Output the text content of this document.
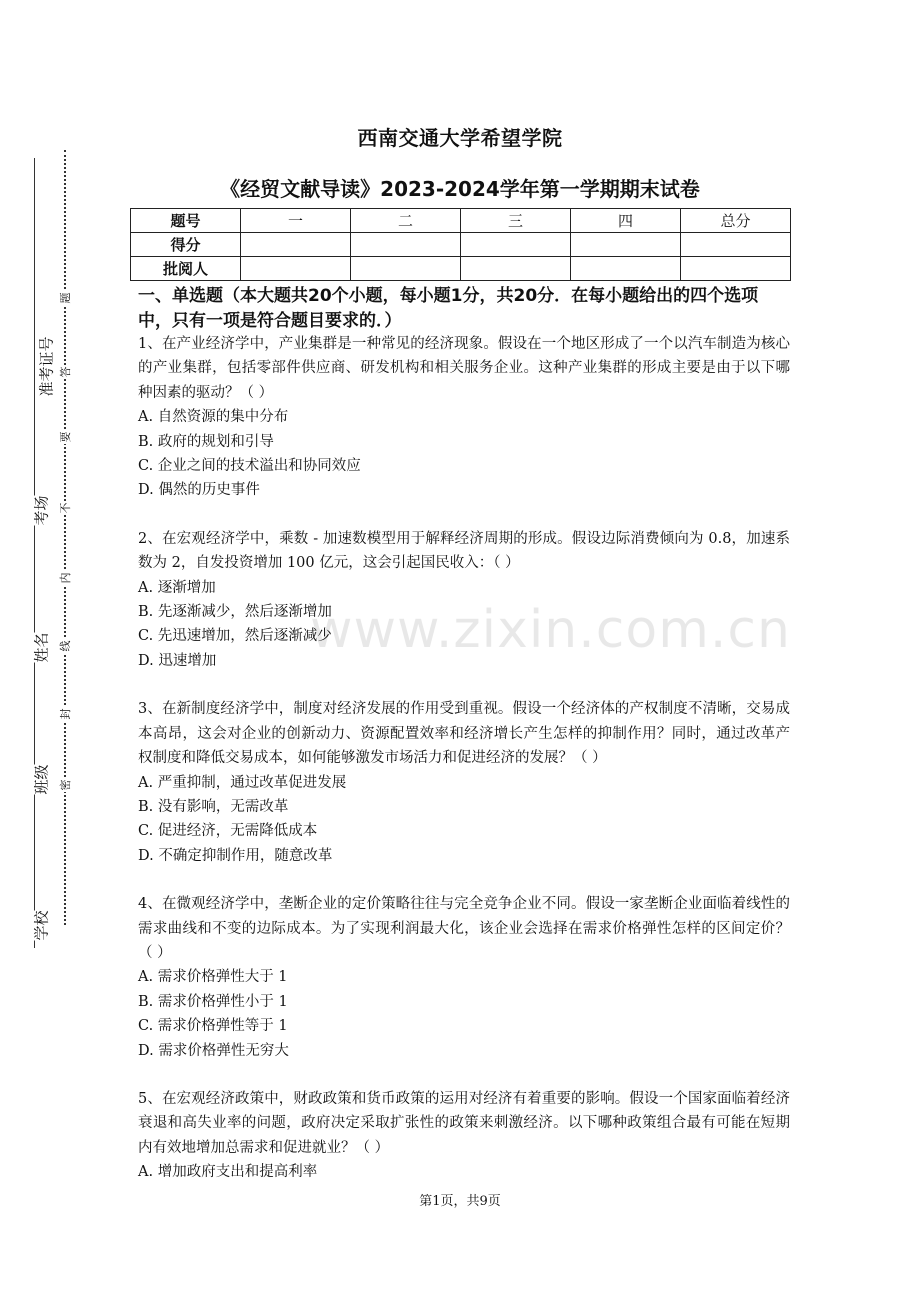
准考证号
考场
姓名
班级
学校
题
答
要
不
内
线
封
密
西南交通大学希望学院
《经贸文献导读》2023-2024学年第一学期期末试卷
题号	一	二	三	四	总分
得分					
批阅人					
一、单选题（本大题共20个小题，每小题1分，共20分．在每小题给出的四个选项中，只有一项是符合题目要求的．）
1、在产业经济学中，产业集群是一种常见的经济现象。假设在一个地区形成了一个以汽车制造为核心的产业集群，包括零部件供应商、研发机构和相关服务企业。这种产业集群的形成主要是由于以下哪种因素的驱动？（ ）
A. 自然资源的集中分布
B. 政府的规划和引导
C. 企业之间的技术溢出和协同效应
D. 偶然的历史事件
2、在宏观经济学中，乘数 - 加速数模型用于解释经济周期的形成。假设边际消费倾向为 0.8，加速系数为 2，自发投资增加 100 亿元，这会引起国民收入：（ ）
A. 逐渐增加
B. 先逐渐减少，然后逐渐增加
C. 先迅速增加，然后逐渐减少
D. 迅速增加
3、在新制度经济学中，制度对经济发展的作用受到重视。假设一个经济体的产权制度不清晰，交易成本高昂，这会对企业的创新动力、资源配置效率和经济增长产生怎样的抑制作用？同时，通过改革产权制度和降低交易成本，如何能够激发市场活力和促进经济的发展？（ ）
A. 严重抑制，通过改革促进发展
B. 没有影响，无需改革
C. 促进经济，无需降低成本
D. 不确定抑制作用，随意改革
4、在微观经济学中，垄断企业的定价策略往往与完全竞争企业不同。假设一家垄断企业面临着线性的需求曲线和不变的边际成本。为了实现利润最大化，该企业会选择在需求价格弹性怎样的区间定价？（ ）
A. 需求价格弹性大于 1
B. 需求价格弹性小于 1
C. 需求价格弹性等于 1
D. 需求价格弹性无穷大
5、在宏观经济政策中，财政政策和货币政策的运用对经济有着重要的影响。假设一个国家面临着经济衰退和高失业率的问题，政府决定采取扩张性的政策来刺激经济。以下哪种政策组合最有可能在短期内有效地增加总需求和促进就业？（ ）
A. 增加政府支出和提高利率
www.zixin.com.cn
第1页，共9页
